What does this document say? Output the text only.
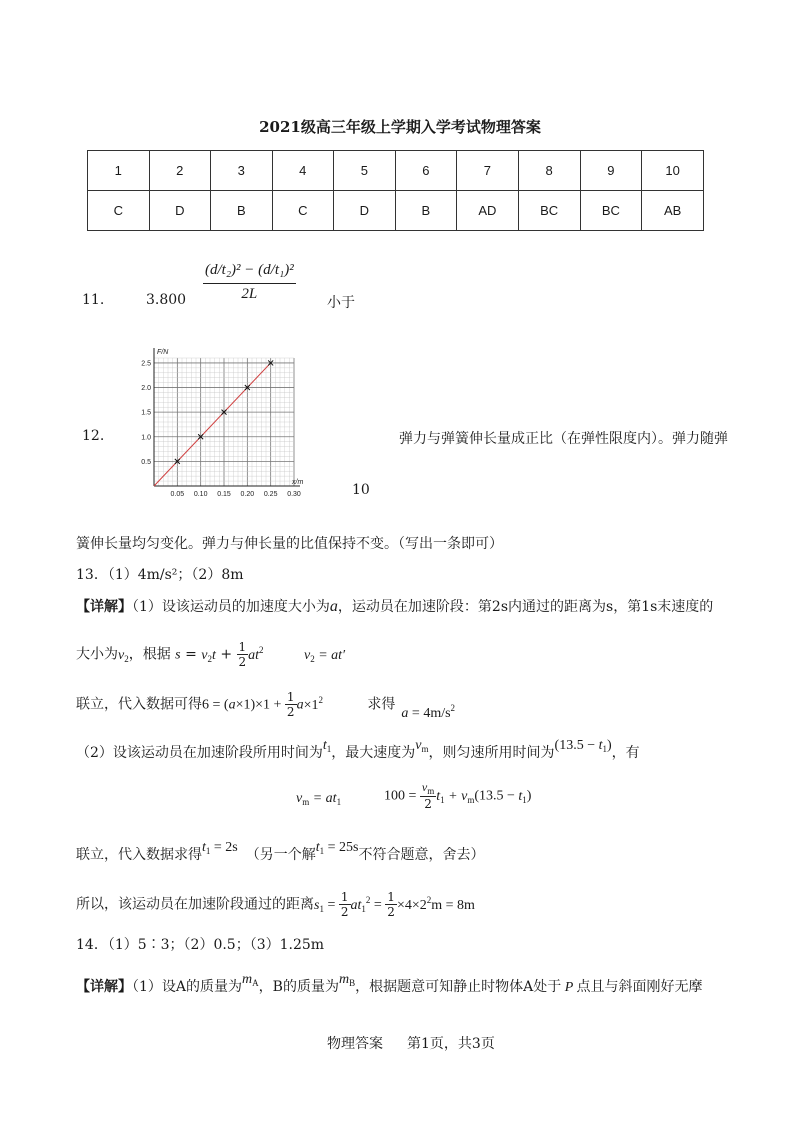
2021级高三年级上学期入学考试物理答案
1	2	3	4	5	6	7	8	9	10
C	D	B	C	D	B	AD	BC	BC	AB
11.	$3.800 \frac{\text{(d/t₂)² − (d/t₁)²}}{2L}$ 小于
12.
F/N
x/m
0.05 0.10 0.15 0.20 0.25 0.30
0.5
1.0
1.5
2.0
2.5
10
弹力与弹簧伸长量成正比（在弹性限度内）。弹力随弹
簧伸长量均匀变化。弹力与伸长量的比值保持不变。（写出一条即可）
13．（1）4m/s²；（2）8m
【详解】（1）设该运动员的加速度大小为a，运动员在加速阶段：第2s内通过的距离为s，第1s末速度的
大小为$v_2$，根据 $s = v_2t + \frac{1}{2} at^2$	$v_2 = at'$
联立，代入数据可得$6 = (a\times 1)\times 1 + \frac{1}{2} a\times 1^2$	求得$a = 4m/s^2$
（2）设该运动员在加速阶段所用时间为$t_1$，最大速度为$v_m$，则匀速所用时间为$(13.5 - t_1)$，有
$v_m = at_1$	$100 = \frac{v_m}{2} t_1 + v_m(13.5 - t_1)$
联立，代入数据求得$t_1 = 2s$ （另一个解$t_1 = 25s$不符合题意，舍去）
所以，该运动员在加速阶段通过的距离$s_1 = \frac{1}{2} at_1^2 = \frac{1}{2} \times 4\times 2^2m = 8m$
14．（1）5∶3；（2）0.5；（3）1.25m
【详解】（1）设A的质量为$m_A$，B的质量为$m_B$，根据题意可知静止时物体A处于 P 点且与斜面刚好无摩
物理答案 第1页，共3页
